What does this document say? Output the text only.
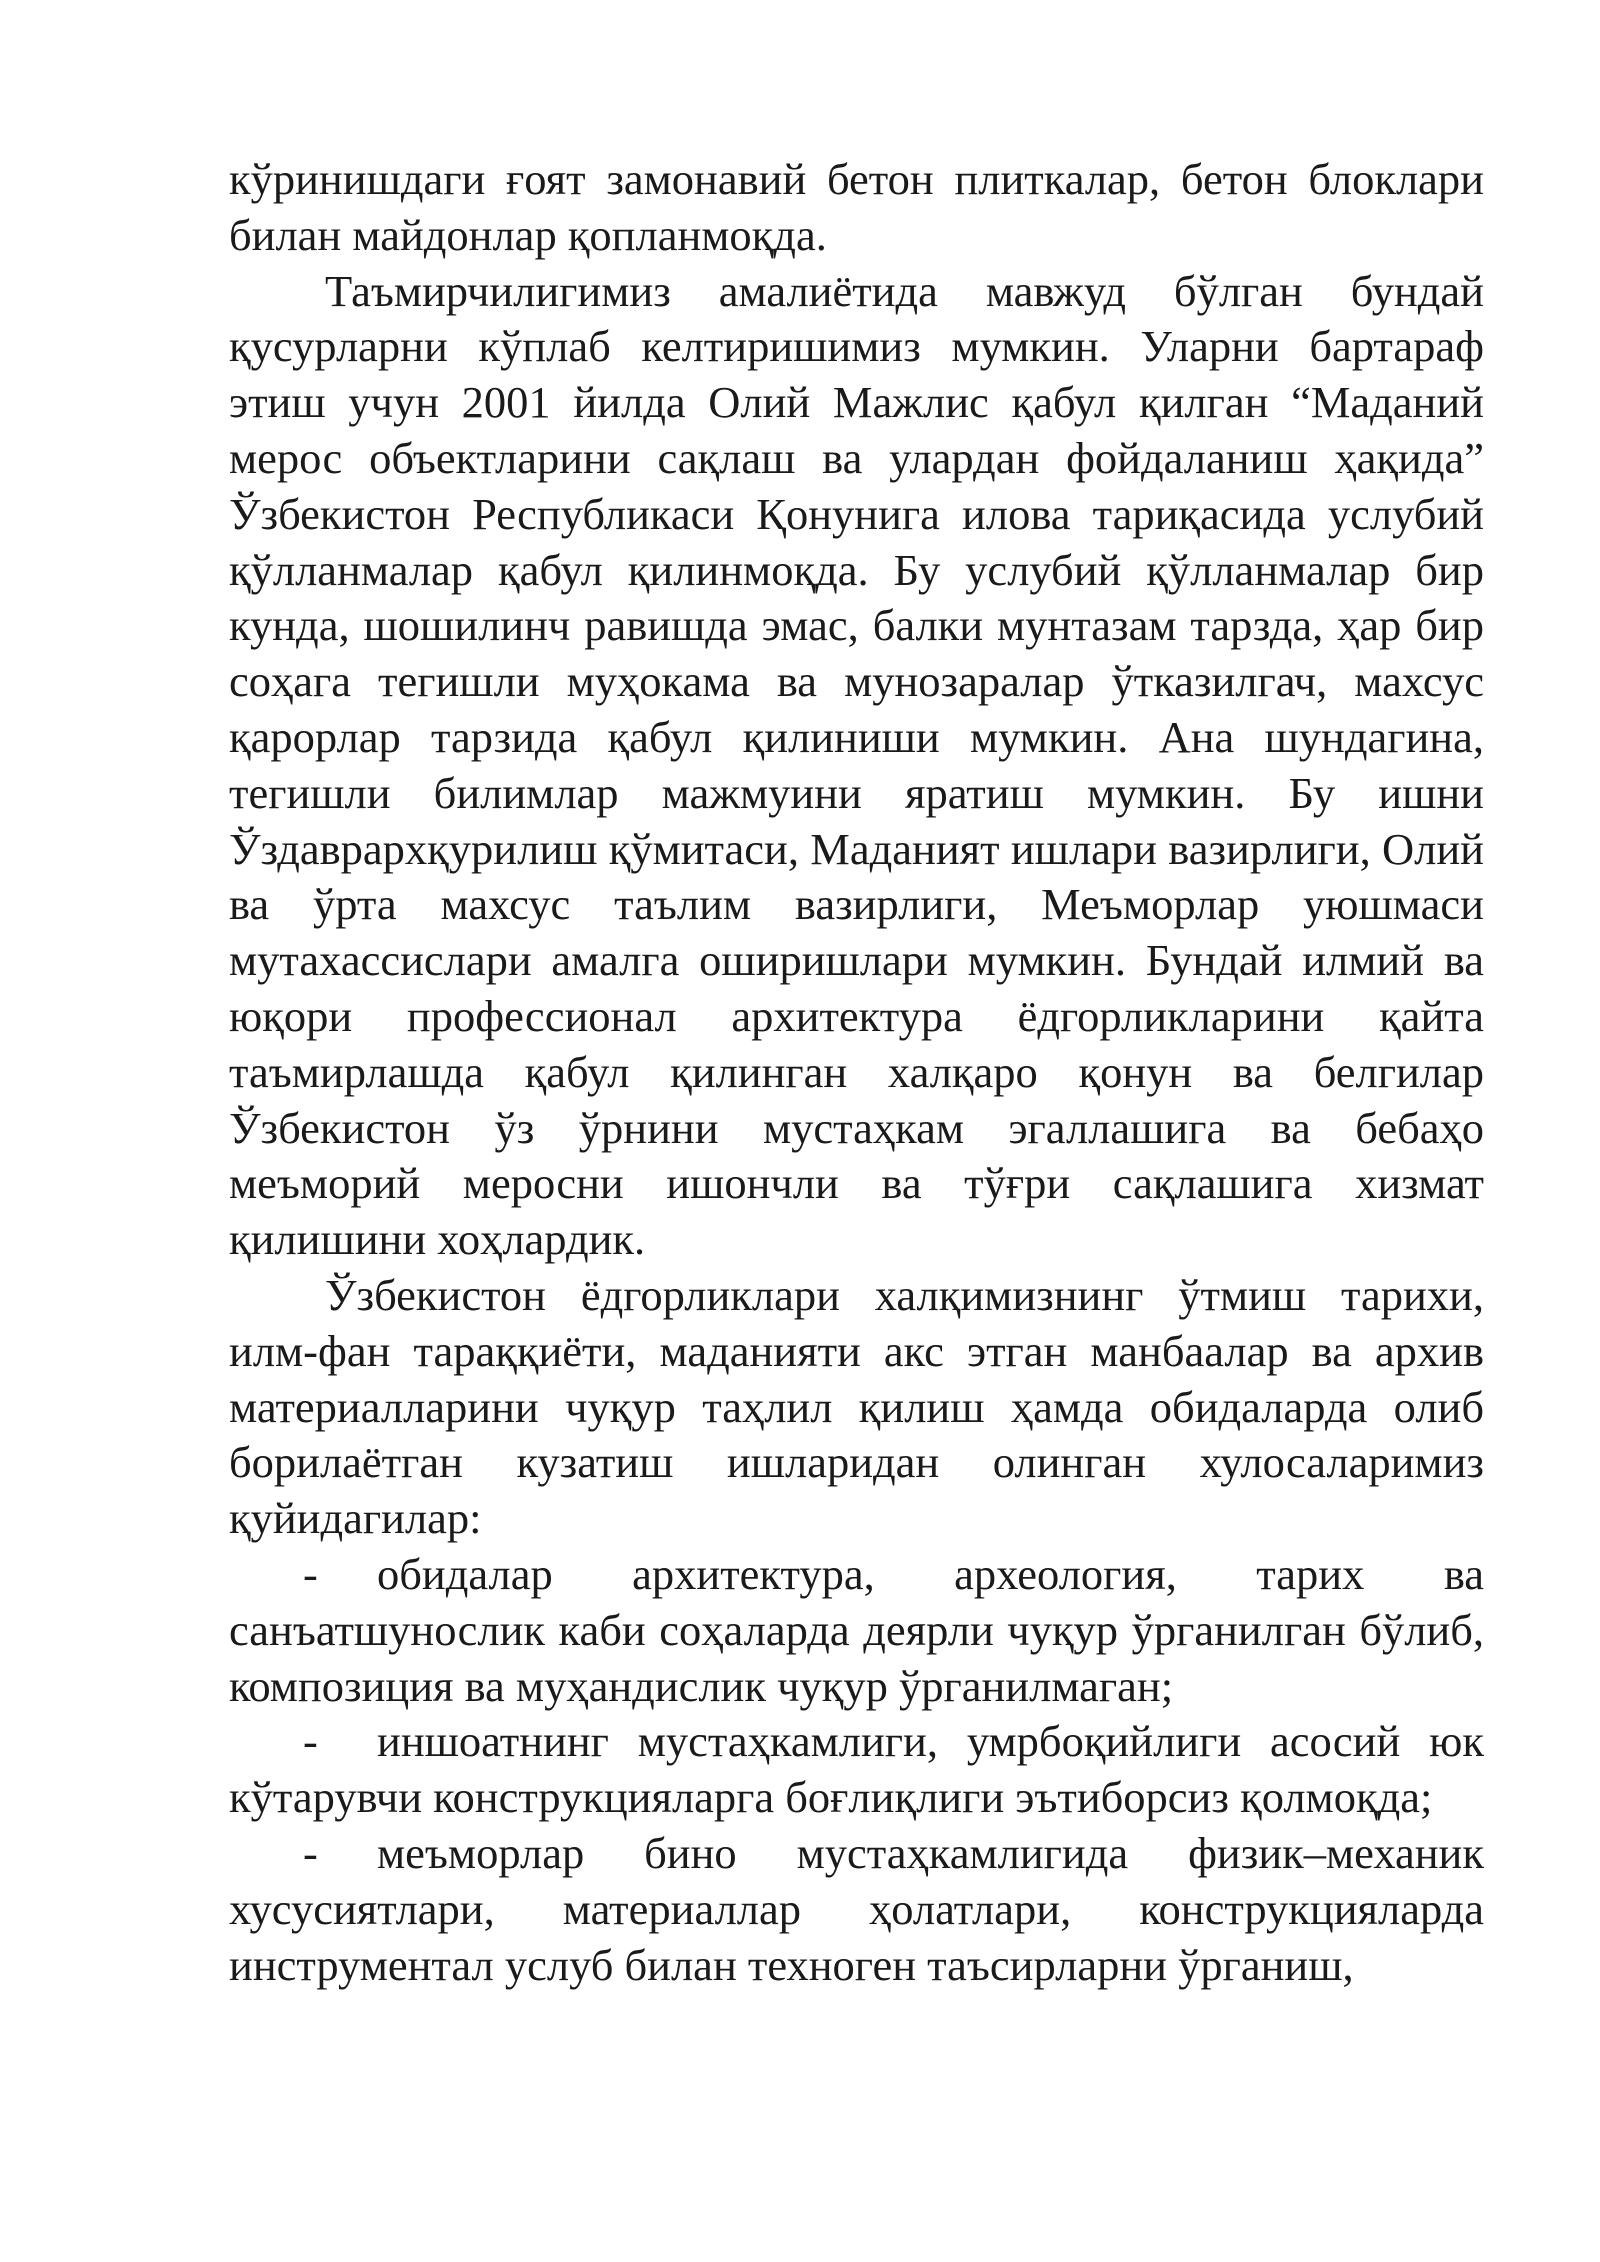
кўринишдаги ғоят замонавий бетон плиткалар, бетон блоклари билан майдонлар қопланмоқда.

Таъмирчилигимиз амалиётида мавжуд бўлган бундай қусурларни кўплаб келтиришимиз мумкин. Уларни бартараф этиш учун 2001 йилда Олий Мажлис қабул қилган “Маданий мерос объектларини сақлаш ва улардан фойдаланиш ҳақида” Ўзбекистон Республикаси Қонунига илова тариқасида услубий қўлланмалар қабул қилинмоқда. Бу услубий қўлланмалар бир кунда, шошилинч равишда эмас, балки мунтазам тарзда, ҳар бир соҳага тегишли муҳокама ва мунозаралар ўтказилгач, махсус қарорлар тарзида қабул қилиниши мумкин. Ана шундагина, тегишли билимлар мажмуини яратиш мумкин. Бу ишни Ўздаврархқурилиш қўмитаси, Маданият ишлари вазирлиги, Олий ва ўрта махсус таълим вазирлиги, Меъморлар уюшмаси мутахассислари амалга оширишлари мумкин. Бундай илмий ва юқори профессионал архитектура ёдгорликларини қайта таъмирлашда қабул қилинган халқаро қонун ва белгилар Ўзбекистон ўз ўрнини мустаҳкам эгаллашига ва бебаҳо меъморий меросни ишончли ва тўғри сақлашига хизмат қилишини хоҳлардик.

Ўзбекистон ёдгорликлари халқимизнинг ўтмиш тарихи, илм-фан тараққиёти, маданияти акс этган манбаалар ва архив материалларини чуқур таҳлил қилиш ҳамда обидаларда олиб борилаётган кузатиш ишларидан олинган хулосаларимиз қуйидагилар:

- обидалар архитектура, археология, тарих ва санъатшунослик каби соҳаларда деярли чуқур ўрганилган бўлиб, композиция ва муҳандислик чуқур ўрганилмаган;
- иншоатнинг мустаҳкамлиги, умрбоқийлиги асосий юк кўтарувчи конструкцияларга боғлиқлиги эътиборсиз қолмоқда;
- меъморлар бино мустаҳкамлигида физик–механик хусусиятлари, материаллар ҳолатлари, конструкцияларда инструментал услуб билан техноген таъсирларни ўрганиш,
